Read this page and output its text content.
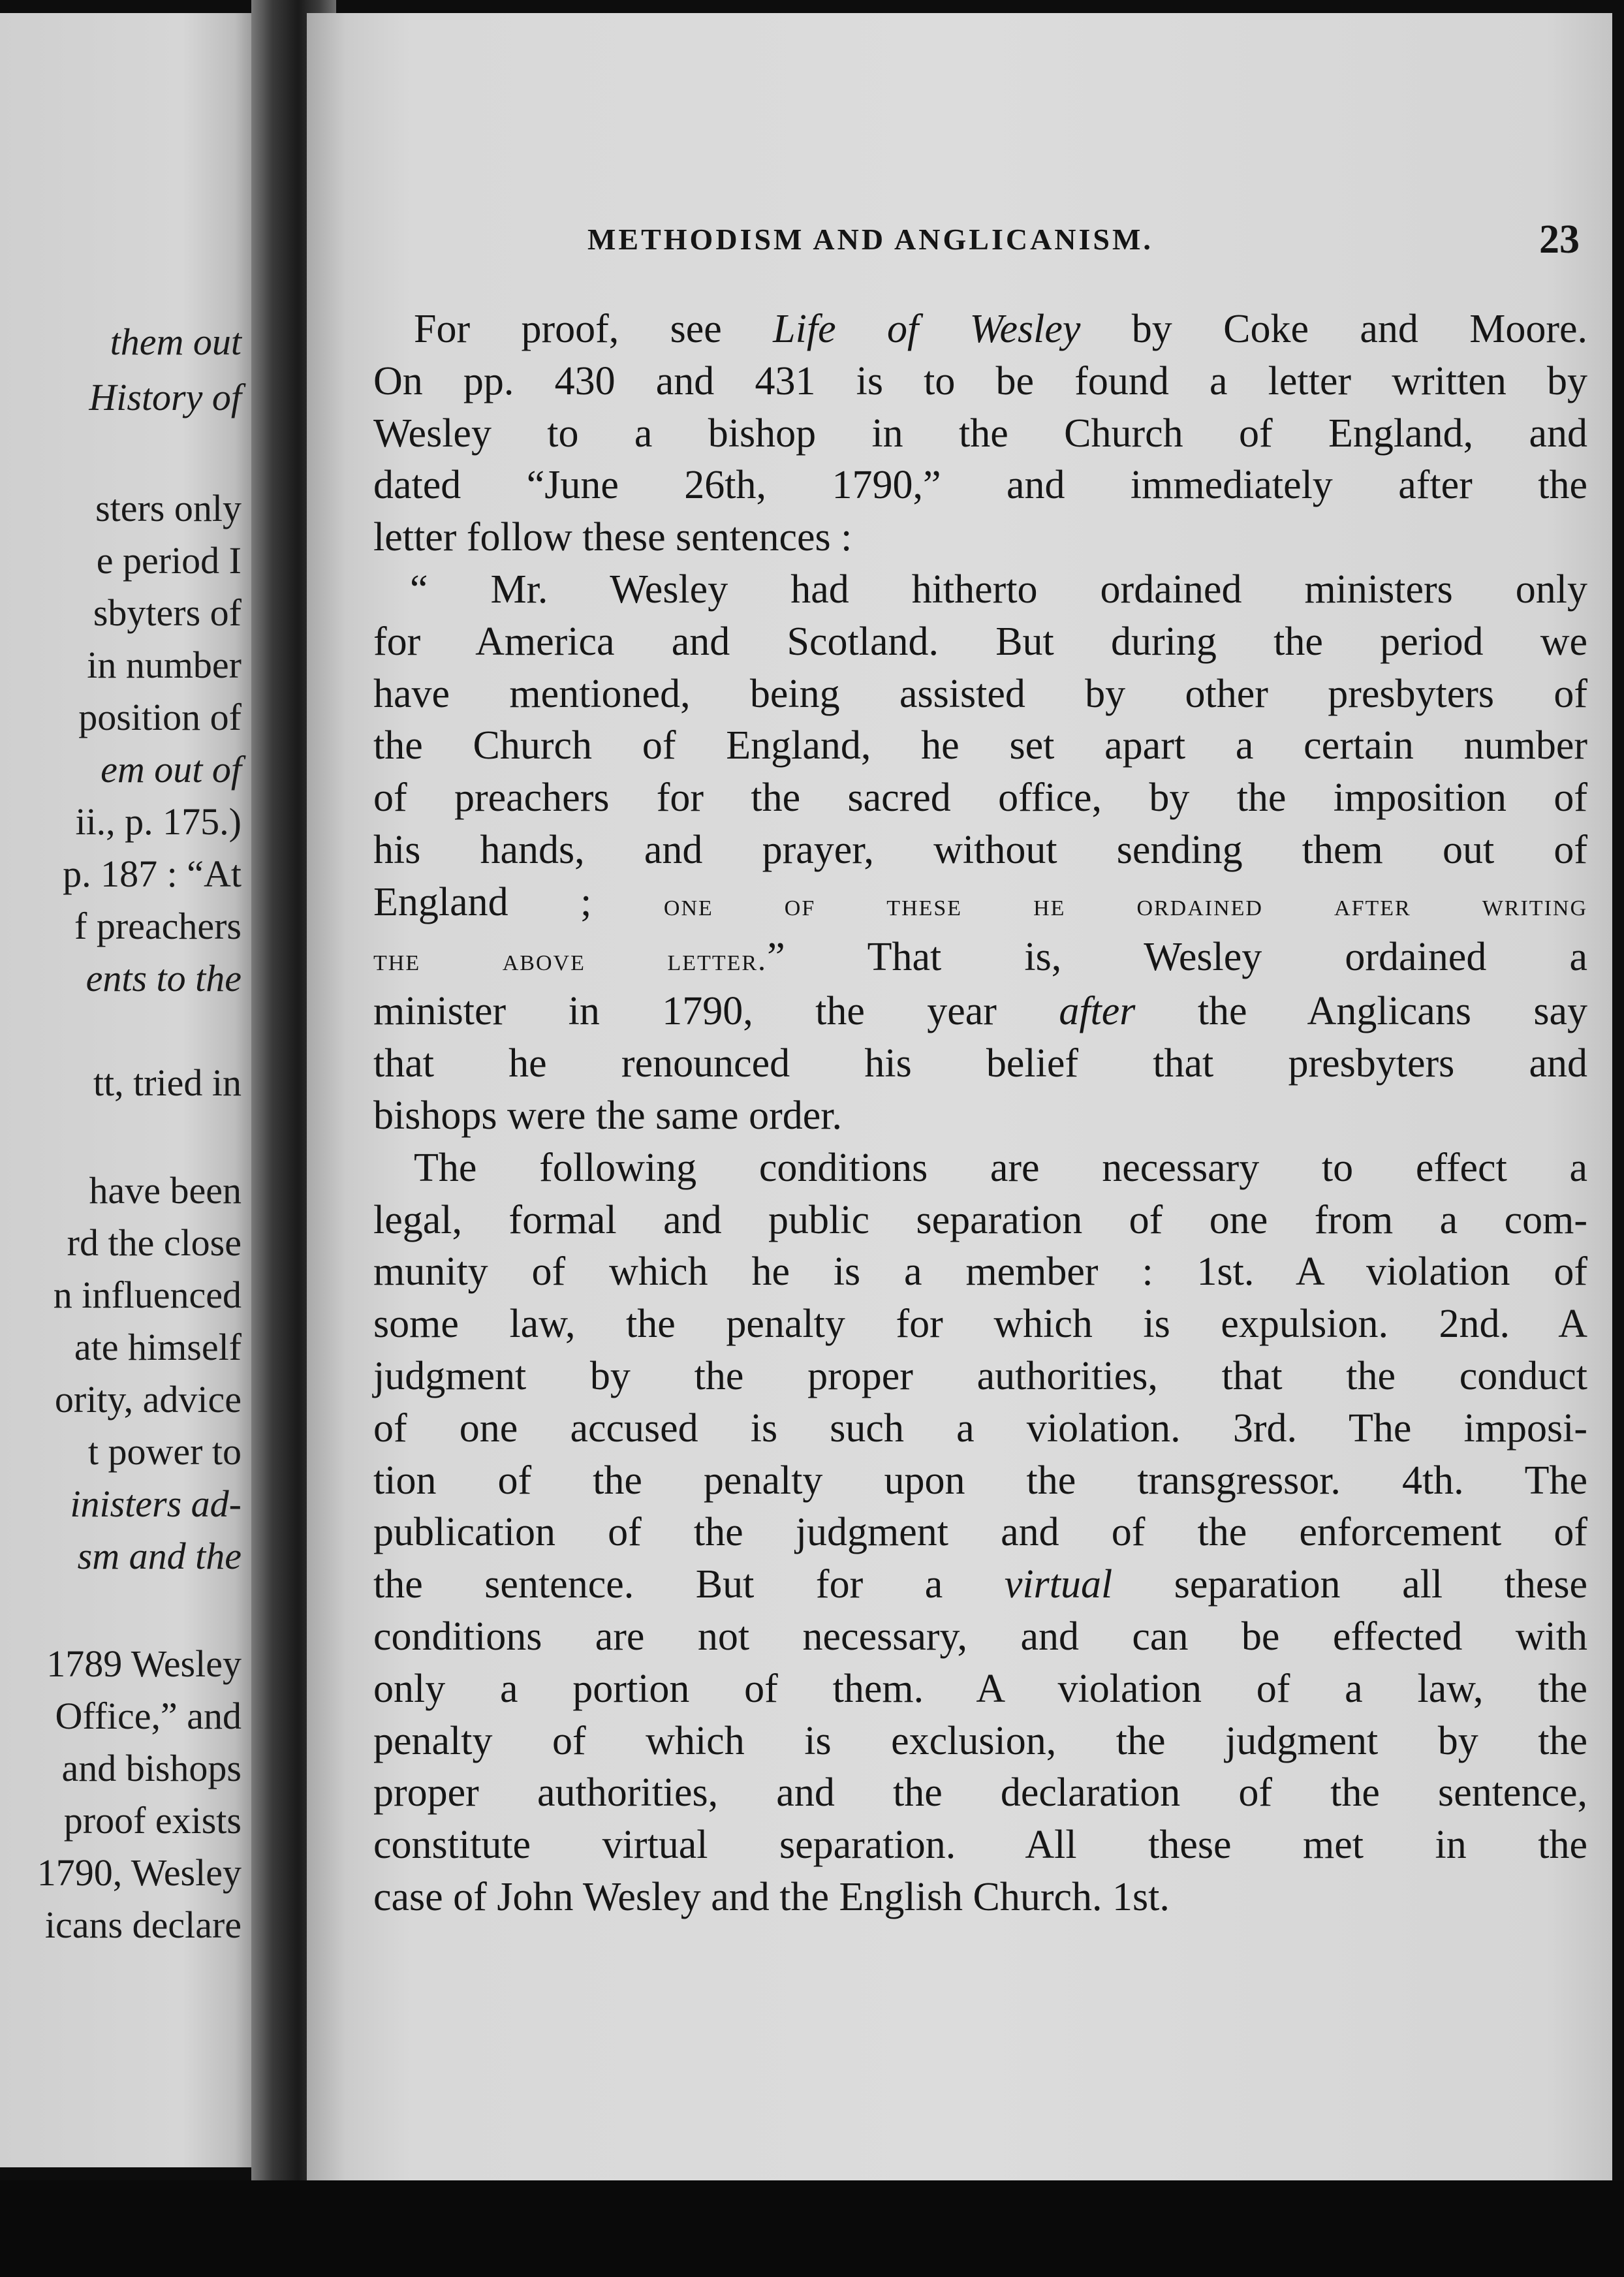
them out
History of
sters only
e period I
sbyters of
in number
position of
em out of
ii., p. 175.)
p. 187 : “At
f preachers
ents to the
tt, tried in
have been
rd the close
n influenced
ate himself
ority, advice
t power to
inisters ad-
sm and the
1789 Wesley
Office,” and
and bishops
proof exists
1790, Wesley
icans declare
METHODISM AND ANGLICANISM.	23
For proof, see Life of Wesley by Coke and Moore.
On pp. 430 and 431 is to be found a letter written by
Wesley to a bishop in the Church of England, and
dated “June 26th, 1790,” and immediately after the
letter follow these sentences :
“ Mr. Wesley had hitherto ordained ministers only
for America and Scotland. But during the period we
have mentioned, being assisted by other presbyters of
the Church of England, he set apart a certain number
of preachers for the sacred office, by the imposition of
his hands, and prayer, without sending them out of
England ; one of these he ordained after writing
the above letter.” That is, Wesley ordained a
minister in 1790, the year after the Anglicans say
that he renounced his belief that presbyters and
bishops were the same order.
The following conditions are necessary to effect a
legal, formal and public separation of one from a com-
munity of which he is a member : 1st. A violation of
some law, the penalty for which is expulsion. 2nd. A
judgment by the proper authorities, that the conduct
of one accused is such a violation. 3rd. The imposi-
tion of the penalty upon the transgressor. 4th. The
publication of the judgment and of the enforcement of
the sentence. But for a virtual separation all these
conditions are not necessary, and can be effected with
only a portion of them. A violation of a law, the
penalty of which is exclusion, the judgment by the
proper authorities, and the declaration of the sentence,
constitute virtual separation. All these met in the
case of John Wesley and the English Church. 1st.
